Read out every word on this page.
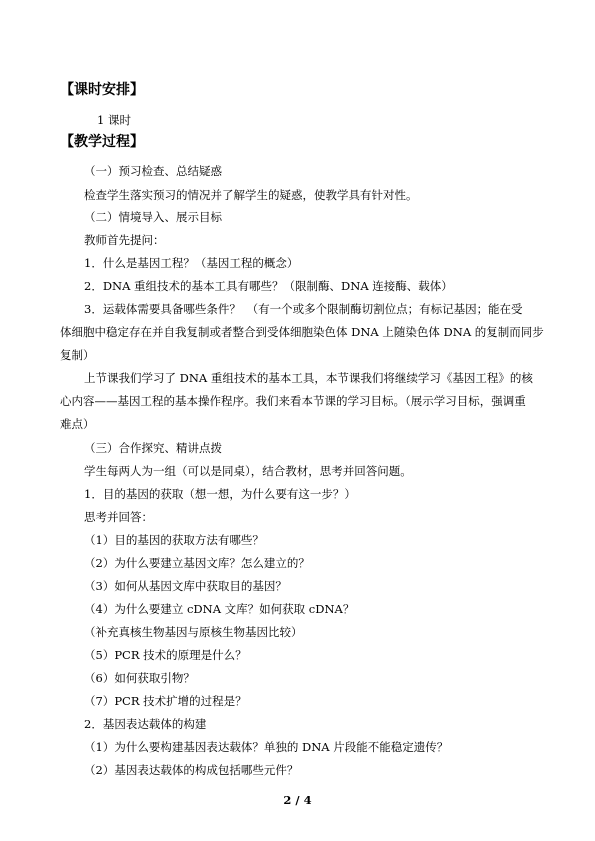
【课时安排】
1 课时
【教学过程】
（一）预习检查、总结疑惑
检查学生落实预习的情况并了解学生的疑惑，使教学具有针对性。
（二）情境导入、展示目标
教师首先提问：
1．什么是基因工程？（基因工程的概念）
2．DNA 重组技术的基本工具有哪些？（限制酶、DNA 连接酶、载体）
3．运载体需要具备哪些条件？　（有一个或多个限制酶切割位点；有标记基因；能在受
体细胞中稳定存在并自我复制或者整合到受体细胞染色体 DNA 上随染色体 DNA 的复制而同步
复制）
上节课我们学习了 DNA 重组技术的基本工具，本节课我们将继续学习《基因工程》的核
心内容——基因工程的基本操作程序。我们来看本节课的学习目标。（展示学习目标，强调重
难点）
（三）合作探究、精讲点拨
学生每两人为一组（可以是同桌），结合教材，思考并回答问题。
1．目的基因的获取（想一想，为什么要有这一步？）
思考并回答：
（1）目的基因的获取方法有哪些？
（2）为什么要建立基因文库？怎么建立的？
（3）如何从基因文库中获取目的基因？
（4）为什么要建立 cDNA 文库？如何获取 cDNA？
（补充真核生物基因与原核生物基因比较）
（5）PCR 技术的原理是什么？
（6）如何获取引物？
（7）PCR 技术扩增的过程是？
2．基因表达载体的构建
（1）为什么要构建基因表达载体？单独的 DNA 片段能不能稳定遗传？
（2）基因表达载体的构成包括哪些元件？
2 / 4
